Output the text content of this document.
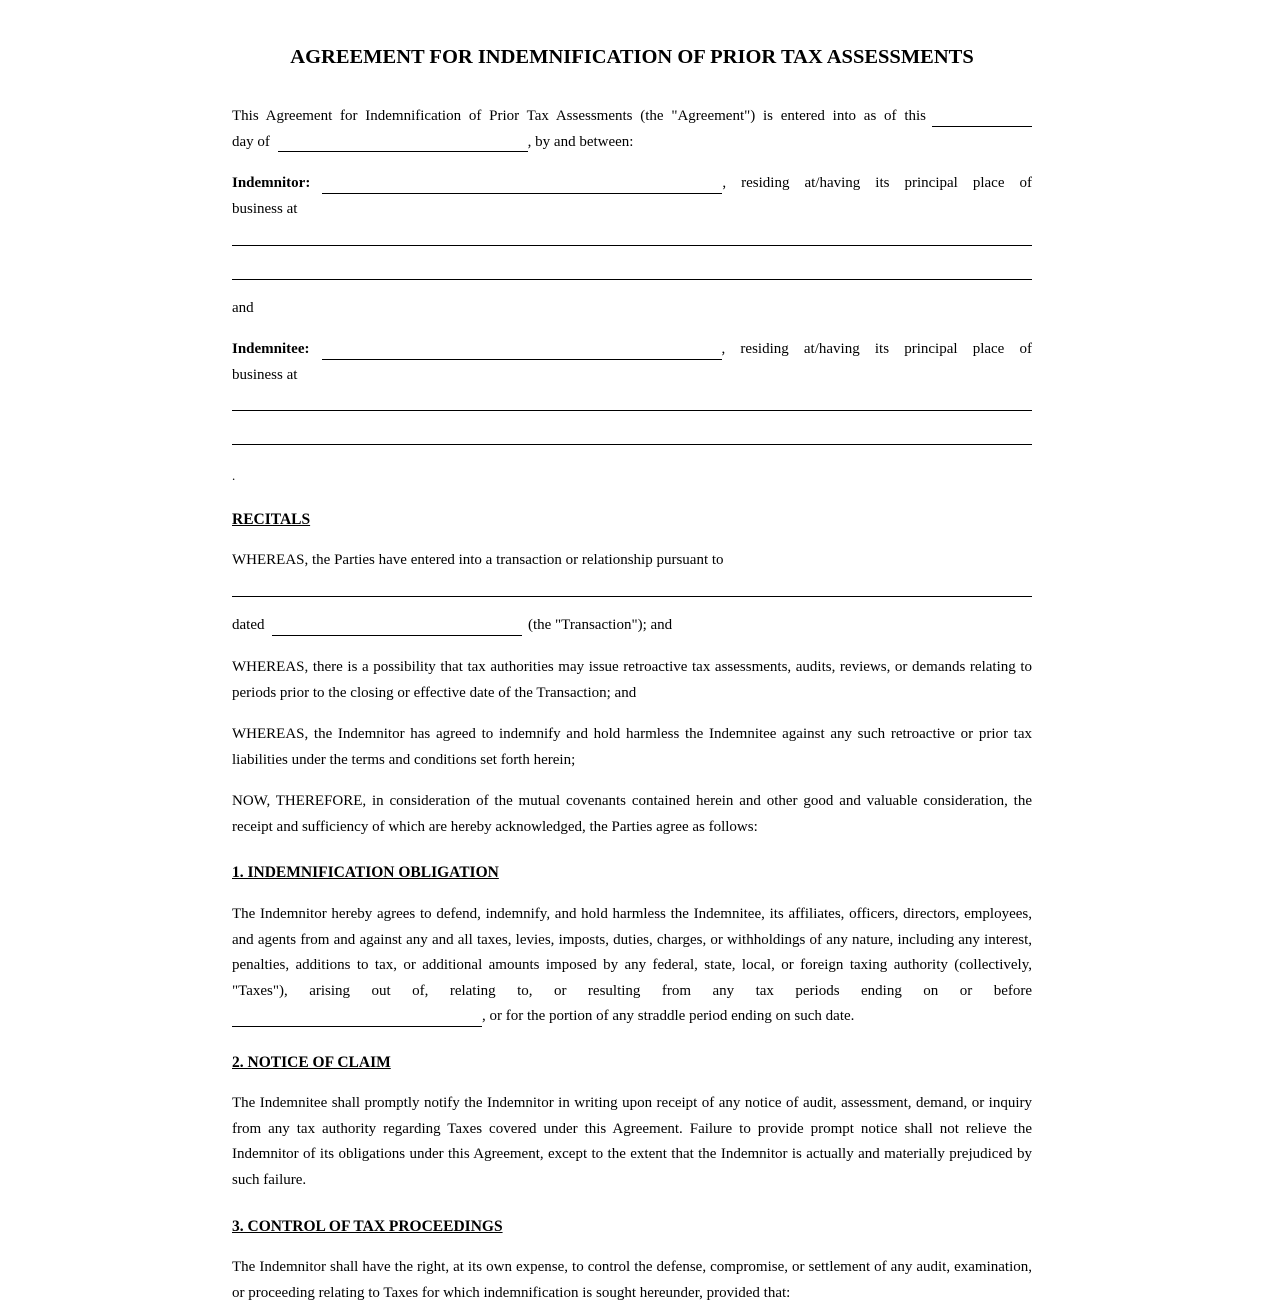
AGREEMENT FOR INDEMNIFICATION OF PRIOR TAX ASSESSMENTS
This Agreement for Indemnification of Prior Tax Assessments (the "Agreement") is entered into as of this
day of	, by and between:
Indemnitor:	, residing at/having its principal place of
business at
and
Indemnitee:	, residing at/having its principal place of
business at
.
RECITALS
WHEREAS, the Parties have entered into a transaction or relationship pursuant to
dated	(the "Transaction"); and
WHEREAS, there is a possibility that tax authorities may issue retroactive tax assessments, audits, reviews, or demands relating to periods prior to the closing or effective date of the Transaction; and
WHEREAS, the Indemnitor has agreed to indemnify and hold harmless the Indemnitee against any such retroactive or prior tax liabilities under the terms and conditions set forth herein;
NOW, THEREFORE, in consideration of the mutual covenants contained herein and other good and valuable consideration, the receipt and sufficiency of which are hereby acknowledged, the Parties agree as follows:
1. INDEMNIFICATION OBLIGATION
The Indemnitor hereby agrees to defend, indemnify, and hold harmless the Indemnitee, its affiliates, officers, directors, employees, and agents from and against any and all taxes, levies, imposts, duties, charges, or withholdings of any nature, including any interest, penalties, additions to tax, or additional amounts imposed by any federal, state, local, or foreign taxing authority (collectively, "Taxes"), arising out of, relating to, or resulting from any tax periods ending on or before
, or for the portion of any straddle period ending on such date.
2. NOTICE OF CLAIM
The Indemnitee shall promptly notify the Indemnitor in writing upon receipt of any notice of audit, assessment, demand, or inquiry from any tax authority regarding Taxes covered under this Agreement. Failure to provide prompt notice shall not relieve the Indemnitor of its obligations under this Agreement, except to the extent that the Indemnitor is actually and materially prejudiced by such failure.
3. CONTROL OF TAX PROCEEDINGS
The Indemnitor shall have the right, at its own expense, to control the defense, compromise, or settlement of any audit, examination, or proceeding relating to Taxes for which indemnification is sought hereunder, provided that:
